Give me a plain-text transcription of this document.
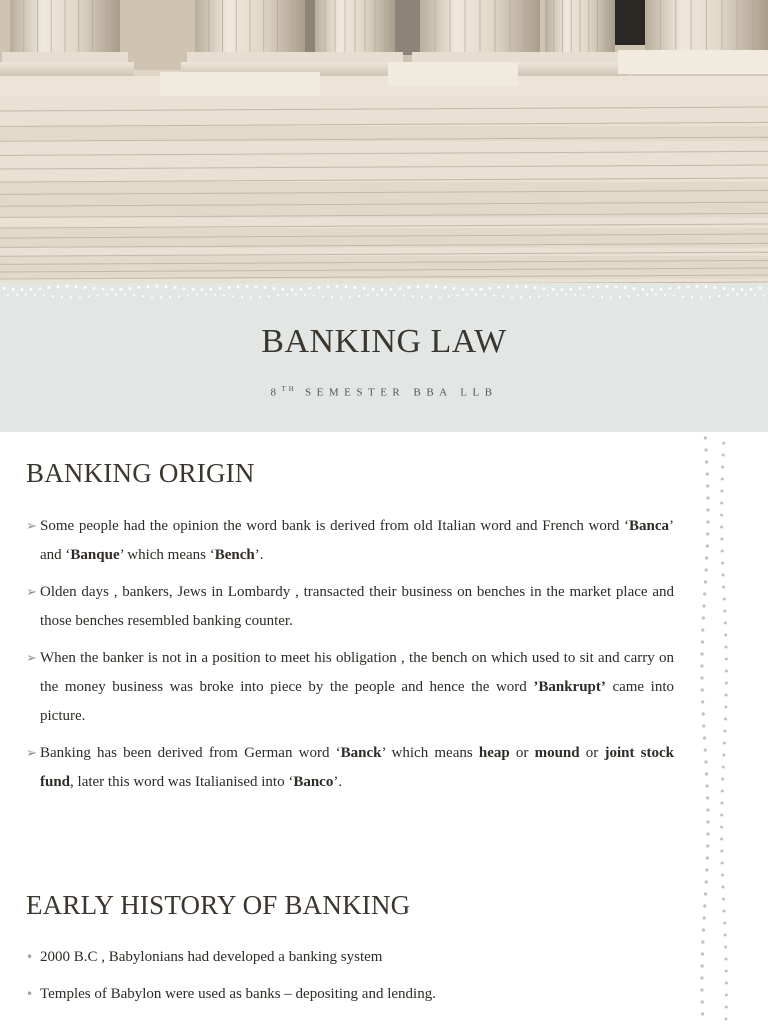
BANKING LAW
8TH SEMESTER BBA LLB
BANKING ORIGIN
➢ Some people had the opinion the word bank is derived from old Italian word and French word ‘Banca’ and ‘Banque’ which means ‘Bench’.
➢ Olden days , bankers, Jews in Lombardy , transacted their business on benches in the market place and those benches resembled banking counter.
➢ When the banker is not in a position to meet his obligation , the bench on which used to sit and carry on the money business was broke into piece by the people and hence the word ’Bankrupt’ came into picture.
➢ Banking has been derived from German word ‘Banck’ which means heap or mound or joint stock fund, later this word was Italianised into ‘Banco’.
EARLY HISTORY OF BANKING
• 2000 B.C , Babylonians had developed a banking system
• Temples of Babylon were used as banks – depositing and lending.
